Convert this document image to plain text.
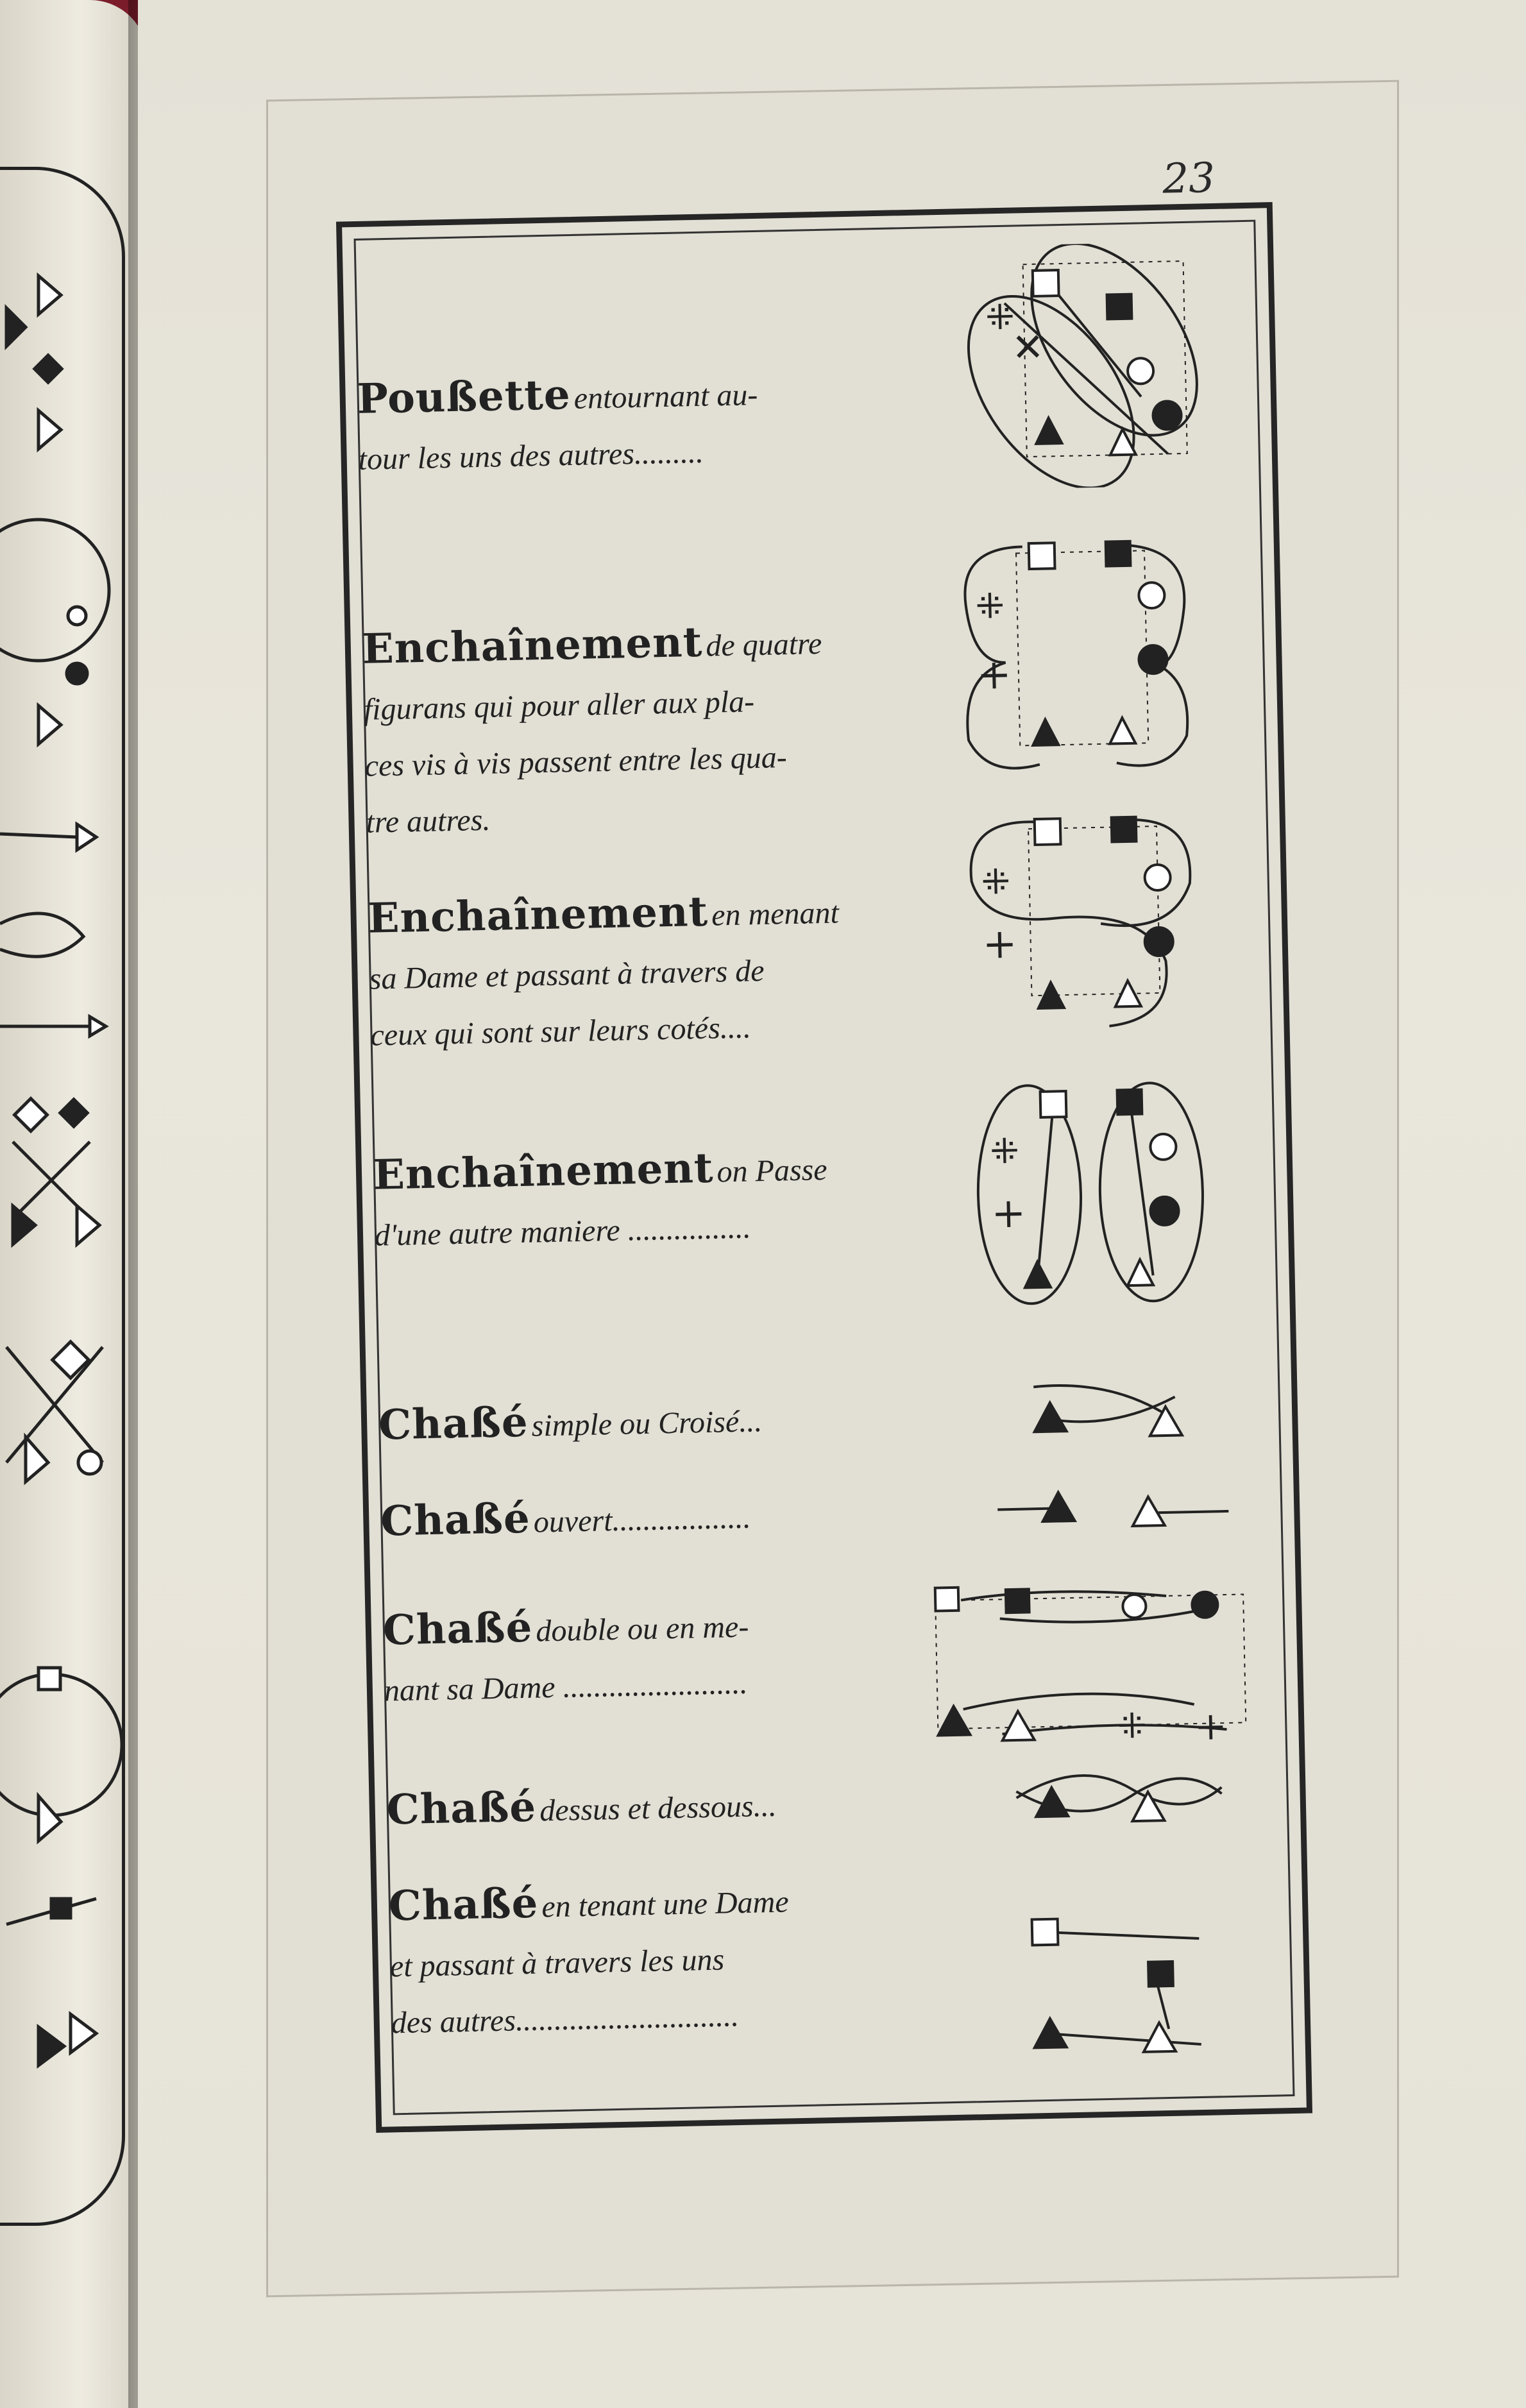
23
Poußette entournant au-
tour les uns des autres.........
⁜
✕
Enchaînement de quatre
figurans qui pour aller aux pla-
ces vis à vis passent entre les qua-
tre autres.
⁜
+
Enchaînement en menant
sa Dame et passant à travers de
ceux qui sont sur leurs cotés....
⁜
+
Enchaînement on Passe
d'une autre maniere ................
⁜
+
Chaßé simple ou Croisé...
Chaßé ouvert..................
Chaßé double ou en me-
nant sa Dame ........................
⁜ +
Chaßé dessus et dessous...
Chaßé en tenant une Dame
et passant à travers les uns
des autres.............................
